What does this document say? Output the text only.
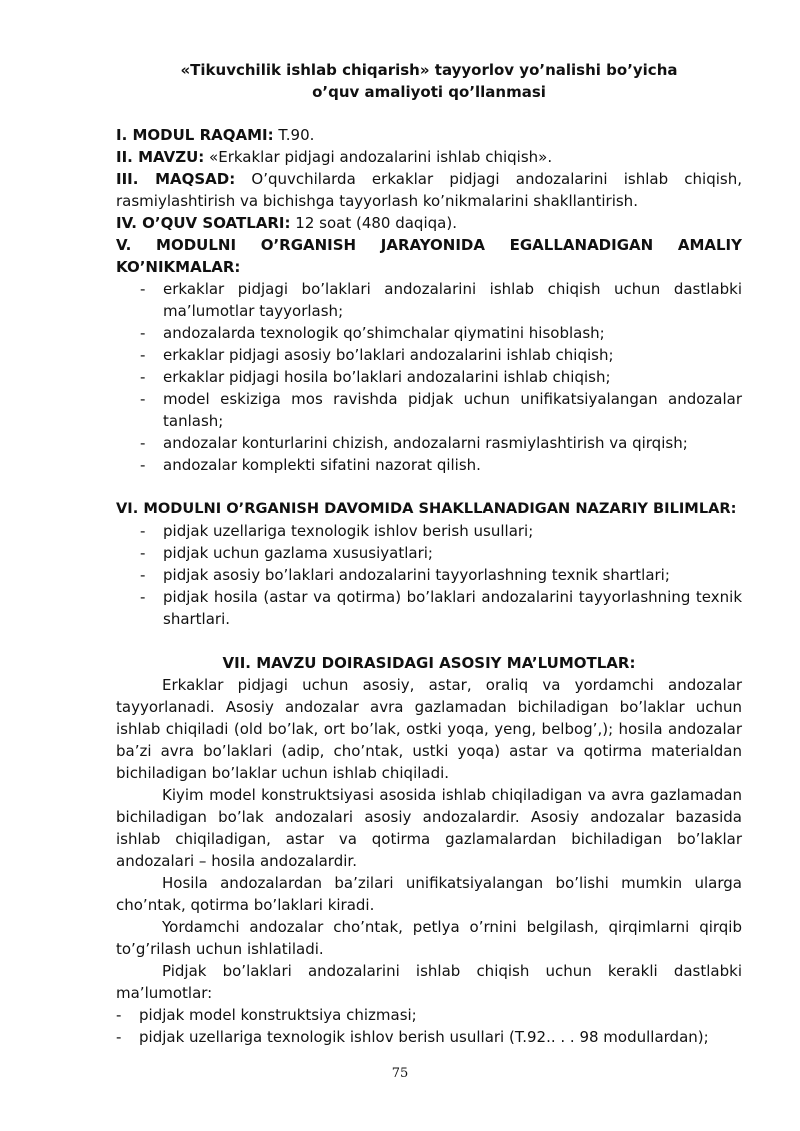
«Tikuvchilik ishlab chiqarish» tayyorlov yo’nalishi bo’yicha
o’quv amaliyoti qo’llanmasi

I. MODUL RAQAMI: T.90.

II. MAVZU: «Erkaklar pidjagi andozalarini ishlab chiqish».

III. MAQSAD: O’quvchilarda erkaklar pidjagi andozalarini ishlab chiqish, rasmiylashtirish va bichishga tayyorlash ko’nikmalarini shakllantirish.

IV. O’QUV SOATLARI: 12 soat (480 daqiqa).

V. MODULNI O’RGANISH JARAYONIDA EGALLANADIGAN AMALIY KO’NIKMALAR:

- erkaklar pidjagi bo’laklari andozalarini ishlab chiqish uchun dastlabki ma’lumotlar tayyorlash;
- andozalarda texnologik qo’shimchalar qiymatini hisoblash;
- erkaklar pidjagi asosiy bo’laklari andozalarini ishlab chiqish;
- erkaklar pidjagi hosila bo’laklari andozalarini ishlab chiqish;
- model eskiziga mos ravishda pidjak uchun unifikatsiyalangan andozalar tanlash;
- andozalar konturlarini chizish, andozalarni rasmiylashtirish va qirqish;
- andozalar komplekti sifatini nazorat qilish.

VI. MODULNI O’RGANISH DAVOMIDA SHAKLLANADIGAN NAZARIY BILIMLAR:

- pidjak uzellariga texnologik ishlov berish usullari;
- pidjak uchun gazlama xususiyatlari;
- pidjak asosiy bo’laklari andozalarini tayyorlashning texnik shartlari;
- pidjak hosila (astar va qotirma) bo’laklari andozalarini tayyorlashning texnik shartlari.

VII. MAVZU DOIRASIDAGI ASOSIY MA’LUMOTLAR:

Erkaklar pidjagi uchun asosiy, astar, oraliq va yordamchi andozalar tayyorlanadi. Asosiy andozalar avra gazlamadan bichiladigan bo’laklar uchun ishlab chiqiladi (old bo’lak, ort bo’lak, ostki yoqa, yeng, belbog’,); hosila andozalar ba’zi avra bo’laklari (adip, cho’ntak, ustki yoqa) astar va qotirma materialdan bichiladigan bo’laklar uchun ishlab chiqiladi.

Kiyim model konstruktsiyasi asosida ishlab chiqiladigan va avra gazlamadan bichiladigan bo’lak andozalari asosiy andozalardir. Asosiy andozalar bazasida ishlab chiqiladigan, astar va qotirma gazlamalardan bichiladigan bo’laklar andozalari – hosila andozalardir.

Hosila andozalardan ba’zilari unifikatsiyalangan bo’lishi mumkin ularga cho’ntak, qotirma bo’laklari kiradi.

Yordamchi andozalar cho’ntak, petlya o’rnini belgilash, qirqimlarni qirqib to’g’rilash uchun ishlatiladi.

Pidjak bo’laklari andozalarini ishlab chiqish uchun kerakli dastlabki ma’lumotlar:

- pidjak model konstruktsiya chizmasi;
- pidjak uzellariga texnologik ishlov berish usullari (T.92.. . . 98 modullardan);
75
